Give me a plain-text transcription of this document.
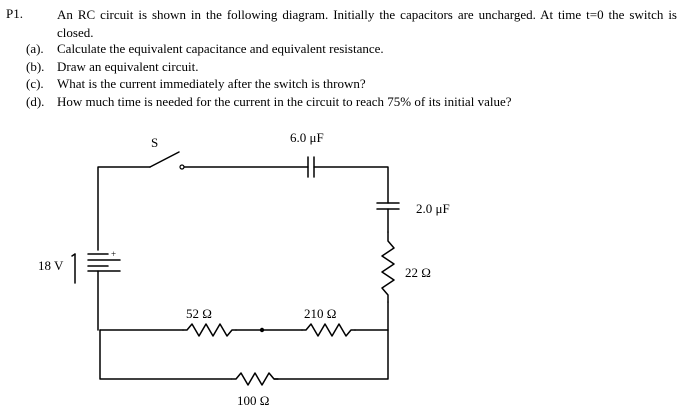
P1.	An RC circuit is shown in the following diagram. Initially the capacitors are uncharged. At time t=0 the switch is closed.
(a).	Calculate the equivalent capacitance and equivalent resistance.
(b). Draw an equivalent circuit.
(c).	What is the current immediately after the switch is thrown?
(d). How much time is needed for the current in the circuit to reach 75% of its initial value?
S	6.0 μF
2.0 μF
22 Ω
18 V
+
52 Ω	210 Ω
100 Ω
